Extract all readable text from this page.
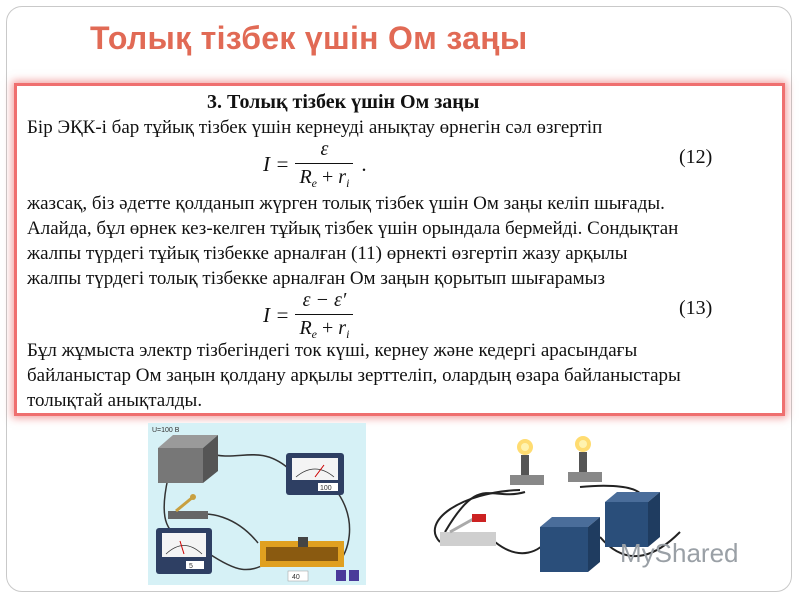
Толық тізбек үшін Ом заңы
3. Толық тізбек үшін Ом заңы
Бір ЭҚК-і бар тұйық тізбек үшін кернеуді анықтау өрнегін сәл өзгертіп
$I = \frac{\varepsilon}{R_e + r_i}$ .	(12)
жазсақ, біз әдетте қолданып жүрген толық тізбек үшін Ом заңы келіп шығады.
Алайда, бұл өрнек кез-келген тұйық тізбек үшін орындала бермейді. Сондықтан
жалпы түрдегі тұйық тізбекке арналған (11) өрнекті өзгертіп жазу арқылы
жалпы түрдегі толық тізбекке арналған Ом заңын қорытып шығарамыз
$I = \frac{\varepsilon - \varepsilon'}{R_e + r_i}$	(13)
Бұл жұмыста электр тізбегіндегі ток күші, кернеу және кедергі арасындағы
байланыстар Ом заңын қолдану арқылы зерттеліп, олардың өзара байланыстары
толықтай анықталды.
U=100 B
100
5
40
MyShared
